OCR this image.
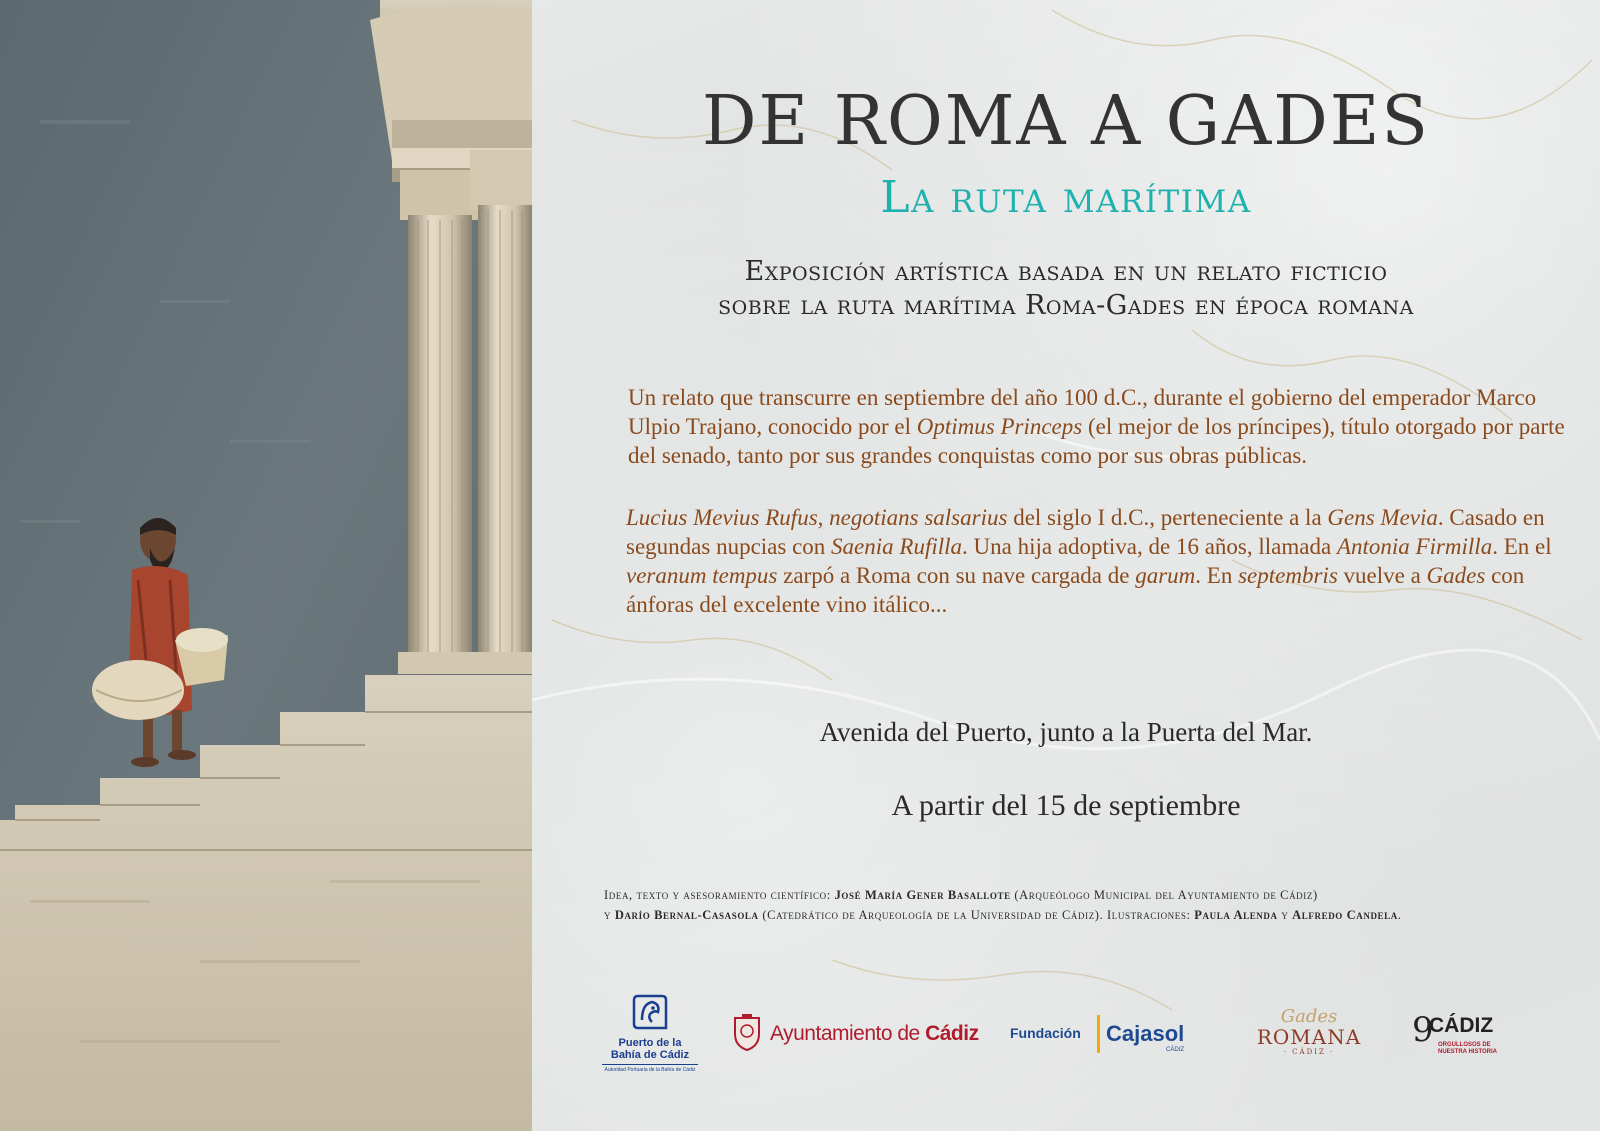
DE ROMA A GADES
La ruta marítima
Exposición artística basada en un relato ficticio
sobre la ruta marítima Roma-Gades en época romana
Un relato que transcurre en septiembre del año 100 d.C., durante el gobierno del emperador Marco Ulpio Trajano, conocido por el Optimus Princeps (el mejor de los príncipes), título otorgado por parte del senado, tanto por sus grandes conquistas como por sus obras públicas.
Lucius Mevius Rufus, negotians salsarius del siglo I d.C., perteneciente a la Gens Mevia. Casado en segundas nupcias con Saenia Rufilla. Una hija adoptiva, de 16 años, llamada Antonia Firmilla. En el veranum tempus zarpó a Roma con su nave cargada de garum. En septembris vuelve a Gades con ánforas del excelente vino itálico...
Avenida del Puerto, junto a la Puerta del Mar.
A partir del 15 de septiembre
Idea, texto y asesoramiento científico: José María Gener Basallote (Arqueólogo Municipal del Ayuntamiento de Cádiz)
y Darío Bernal-Casasola (Catedrático de Arqueología de la Universidad de Cádiz). Ilustraciones: Paula Alenda y Alfredo Candela.
Puerto de la
Bahía de Cádiz
Autoridad Portuaria de la Bahía de Cádiz
Ayuntamiento de Cádiz Fundación Cajasol
CÁDIZ
Gades
ROMANA
· CÁDIZ ·
9
CÁDIZ
ORGULLOSOS DE
NUESTRA HISTORIA
